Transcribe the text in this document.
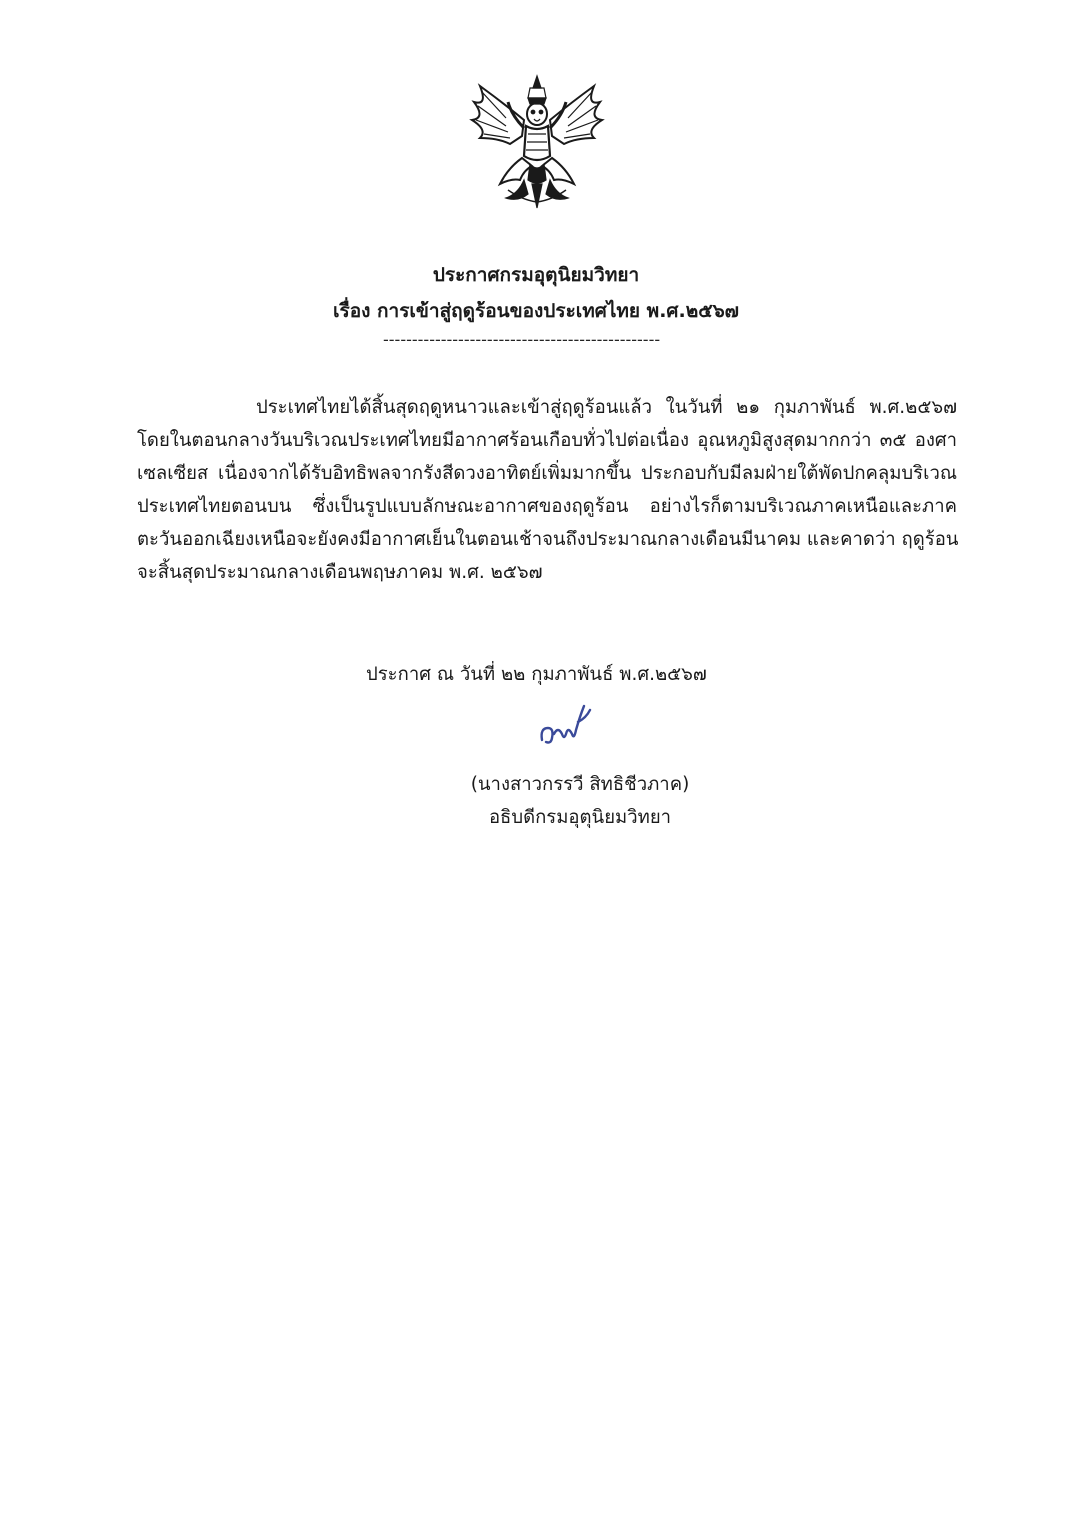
ประกาศกรมอุตุนิยมวิทยา
เรื่อง การเข้าสู่ฤดูร้อนของประเทศไทย พ.ศ.๒๕๖๗
------------------------------------------------
ประเทศไทยได้สิ้นสุดฤดูหนาวและเข้าสู่ฤดูร้อนแล้ว ในวันที่ ๒๑ กุมภาพันธ์ พ.ศ.๒๕๖๗
โดยในตอนกลางวันบริเวณประเทศไทยมีอากาศร้อนเกือบทั่วไปต่อเนื่อง อุณหภูมิสูงสุดมากกว่า ๓๕ องศา
เซลเซียส เนื่องจากได้รับอิทธิพลจากรังสีดวงอาทิตย์เพิ่มมากขึ้น ประกอบกับมีลมฝ่ายใต้พัดปกคลุมบริเวณ
ประเทศไทยตอนบน ซึ่งเป็นรูปแบบลักษณะอากาศของฤดูร้อน อย่างไรก็ตามบริเวณภาคเหนือและภาค
ตะวันออกเฉียงเหนือจะยังคงมีอากาศเย็นในตอนเช้าจนถึงประมาณกลางเดือนมีนาคม และคาดว่า ฤดูร้อน
จะสิ้นสุดประมาณกลางเดือนพฤษภาคม พ.ศ. ๒๕๖๗
ประกาศ ณ วันที่ ๒๒ กุมภาพันธ์ พ.ศ.๒๕๖๗
(นางสาวกรรวี สิทธิชีวภาค)
อธิบดีกรมอุตุนิยมวิทยา
